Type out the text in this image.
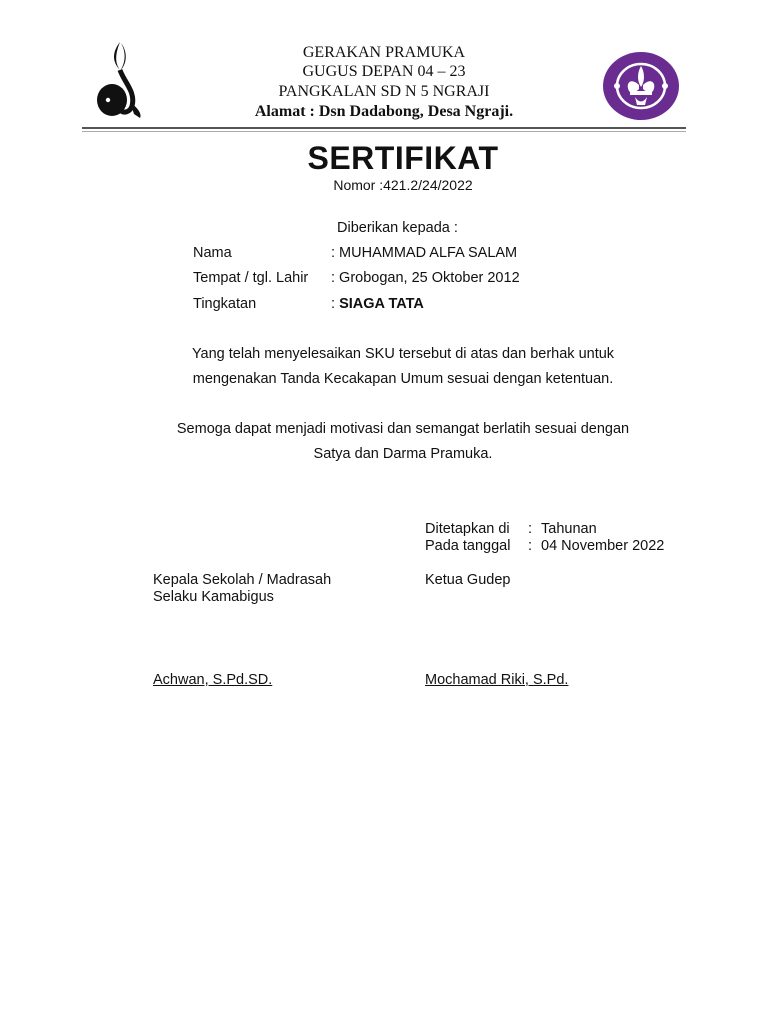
GERAKAN PRAMUKA
GUGUS DEPAN 04 – 23
PANGKALAN SD N 5 NGRAJI
Alamat : Dsn Dadabong, Desa Ngraji.
SERTIFIKAT
Nomor :421.2/24/2022
Diberikan kepada :
Nama	: MUHAMMAD ALFA SALAM
Tempat / tgl. Lahir : Grobogan, 25 Oktober 2012
Tingkatan	: SIAGA TATA
Yang telah menyelesaikan SKU tersebut di atas dan berhak untuk
mengenakan Tanda Kecakapan Umum sesuai dengan ketentuan.
Semoga dapat menjadi motivasi dan semangat berlatih sesuai dengan
Satya dan Darma Pramuka.
Ditetapkan di : Tahunan
Pada tanggal : 04 November 2022
Kepala Sekolah / Madrasah
Selaku Kamabigus
Ketua Gudep
Achwan, S.Pd.SD.	Mochamad Riki, S.Pd.
